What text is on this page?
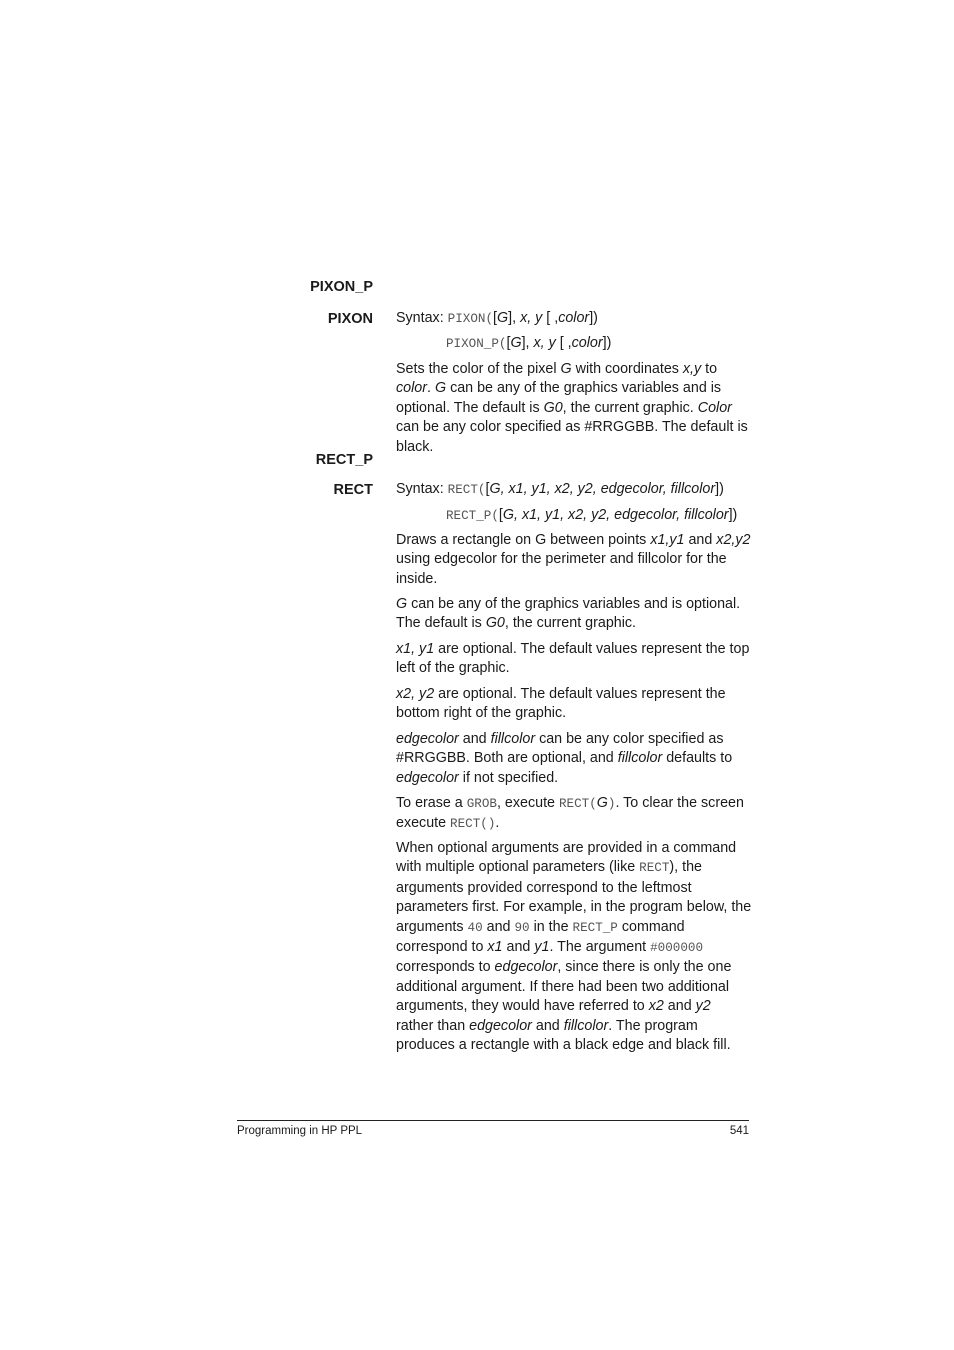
PIXON_P
PIXON
RECT_P
RECT
Syntax: PIXON([G], x, y [ ,color])
PIXON_P([G], x, y [ ,color])
Sets the color of the pixel G with coordinates x,y to color. G can be any of the graphics variables and is optional. The default is G0, the current graphic. Color can be any color specified as #RRGGBB. The default is black.
Syntax: RECT([G, x1, y1, x2, y2, edgecolor, fillcolor])
RECT_P([G, x1, y1, x2, y2, edgecolor, fillcolor])
Draws a rectangle on G between points x1,y1 and x2,y2 using edgecolor for the perimeter and fillcolor for the inside.
G can be any of the graphics variables and is optional. The default is G0, the current graphic.
x1, y1 are optional. The default values represent the top left of the graphic.
x2, y2 are optional. The default values represent the bottom right of the graphic.
edgecolor and fillcolor can be any color specified as #RRGGBB. Both are optional, and fillcolor defaults to edgecolor if not specified.
To erase a GROB, execute RECT(G). To clear the screen execute RECT().
When optional arguments are provided in a command with multiple optional parameters (like RECT), the arguments provided correspond to the leftmost parameters first. For example, in the program below, the arguments 40 and 90 in the RECT_P command correspond to x1 and y1. The argument #000000 corresponds to edgecolor, since there is only the one additional argument. If there had been two additional arguments, they would have referred to x2 and y2 rather than edgecolor and fillcolor. The program produces a rectangle with a black edge and black fill.
Programming in HP PPL	541
